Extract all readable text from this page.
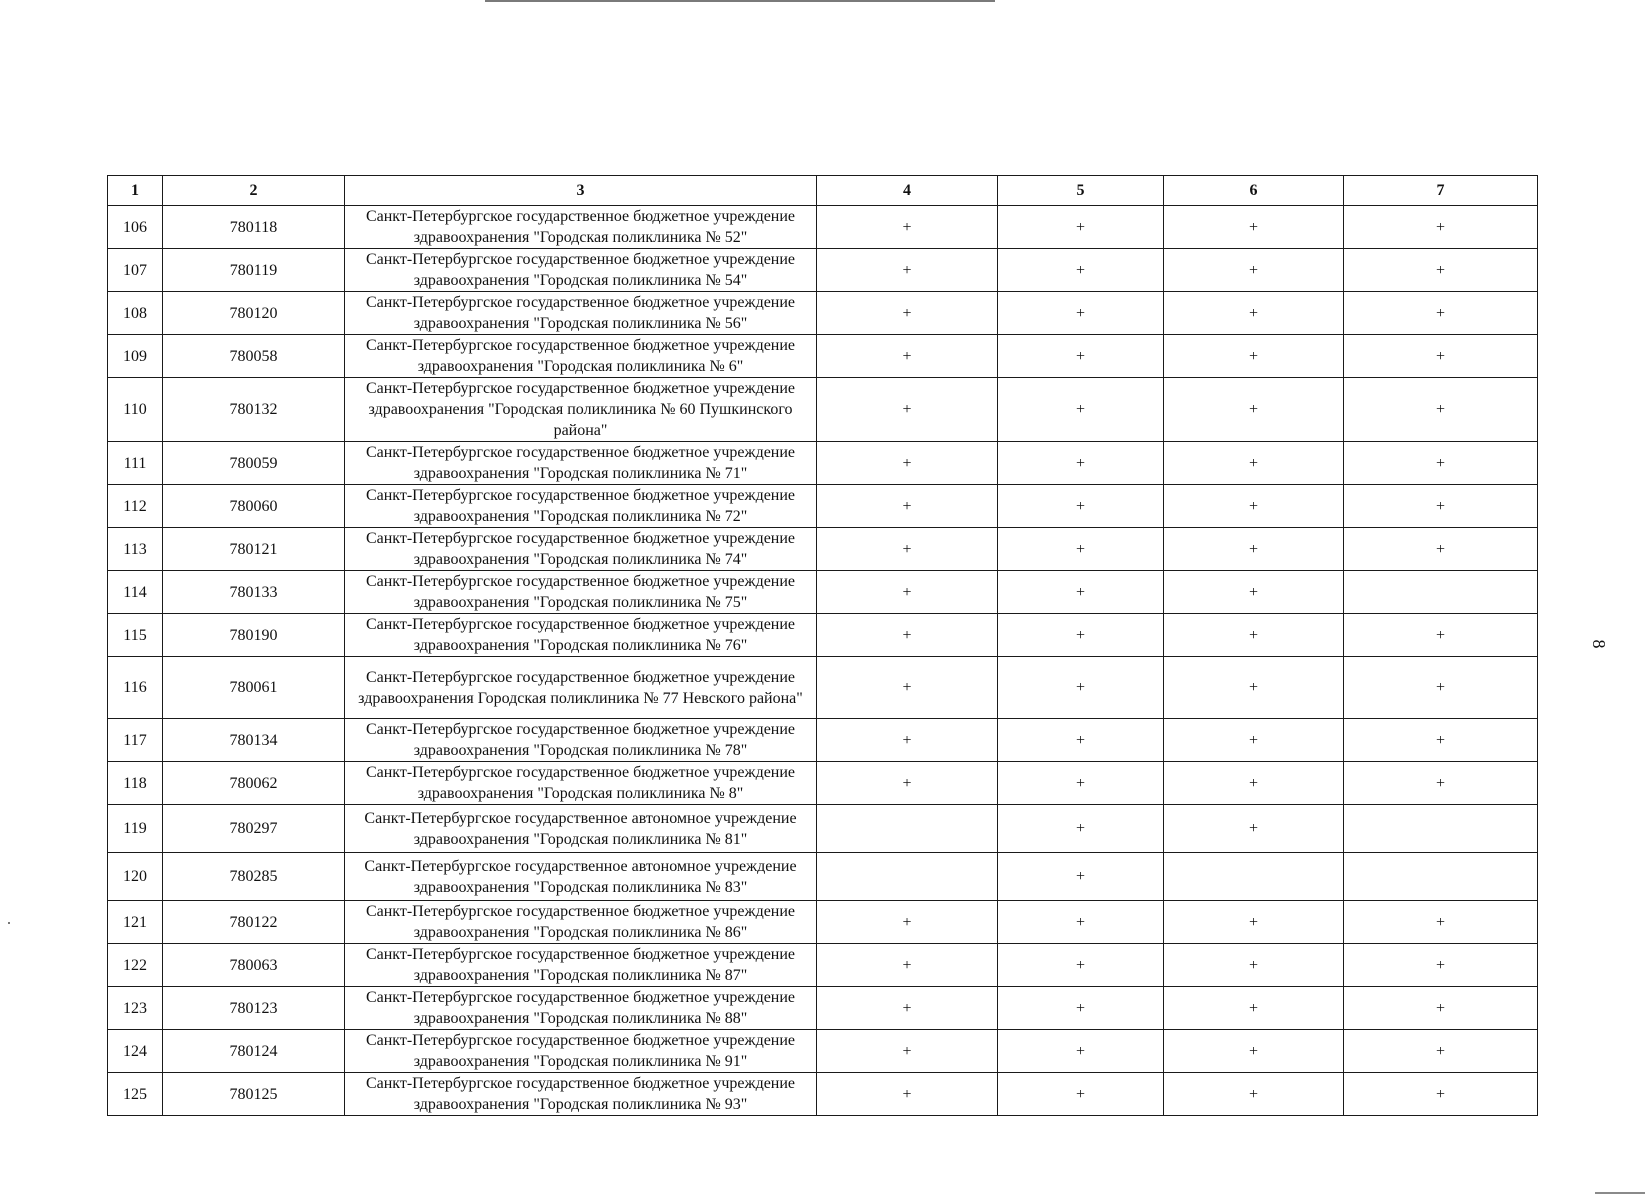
8
1	2	3	4	5	6	7
106	780118	Санкт-Петербургское государственное бюджетное учреждение здравоохранения "Городская поликлиника № 52"	+	+	+	+
107	780119	Санкт-Петербургское государственное бюджетное учреждение здравоохранения "Городская поликлиника № 54"	+	+	+	+
108	780120	Санкт-Петербургское государственное бюджетное учреждение здравоохранения "Городская поликлиника № 56"	+	+	+	+
109	780058	Санкт-Петербургское государственное бюджетное учреждение здравоохранения "Городская поликлиника № 6"	+	+	+	+
110	780132	Санкт-Петербургское государственное бюджетное учреждение здравоохранения "Городская поликлиника № 60 Пушкинского района"	+	+	+	+
111	780059	Санкт-Петербургское государственное бюджетное учреждение здравоохранения "Городская поликлиника № 71"	+	+	+	+
112	780060	Санкт-Петербургское государственное бюджетное учреждение здравоохранения "Городская поликлиника № 72"	+	+	+	+
113	780121	Санкт-Петербургское государственное бюджетное учреждение здравоохранения "Городская поликлиника № 74"	+	+	+	+
114	780133	Санкт-Петербургское государственное бюджетное учреждение здравоохранения "Городская поликлиника № 75"	+	+	+	
115	780190	Санкт-Петербургское государственное бюджетное учреждение здравоохранения "Городская поликлиника № 76"	+	+	+	+
116	780061	Санкт-Петербургское государственное бюджетное учреждение здравоохранения Городская поликлиника № 77 Невского района"	+	+	+	+
117	780134	Санкт-Петербургское государственное бюджетное учреждение здравоохранения "Городская поликлиника № 78"	+	+	+	+
118	780062	Санкт-Петербургское государственное бюджетное учреждение здравоохранения "Городская поликлиника № 8"	+	+	+	+
119	780297	Санкт-Петербургское государственное автономное учреждение здравоохранения "Городская поликлиника № 81"		+	+	
120	780285	Санкт-Петербургское государственное автономное учреждение здравоохранения "Городская поликлиника № 83"		+		
121	780122	Санкт-Петербургское государственное бюджетное учреждение здравоохранения "Городская поликлиника № 86"	+	+	+	+
122	780063	Санкт-Петербургское государственное бюджетное учреждение здравоохранения "Городская поликлиника № 87"	+	+	+	+
123	780123	Санкт-Петербургское государственное бюджетное учреждение здравоохранения "Городская поликлиника № 88"	+	+	+	+
124	780124	Санкт-Петербургское государственное бюджетное учреждение здравоохранения "Городская поликлиника № 91"	+	+	+	+
125	780125	Санкт-Петербургское государственное бюджетное учреждение здравоохранения "Городская поликлиника № 93"	+	+	+	+
